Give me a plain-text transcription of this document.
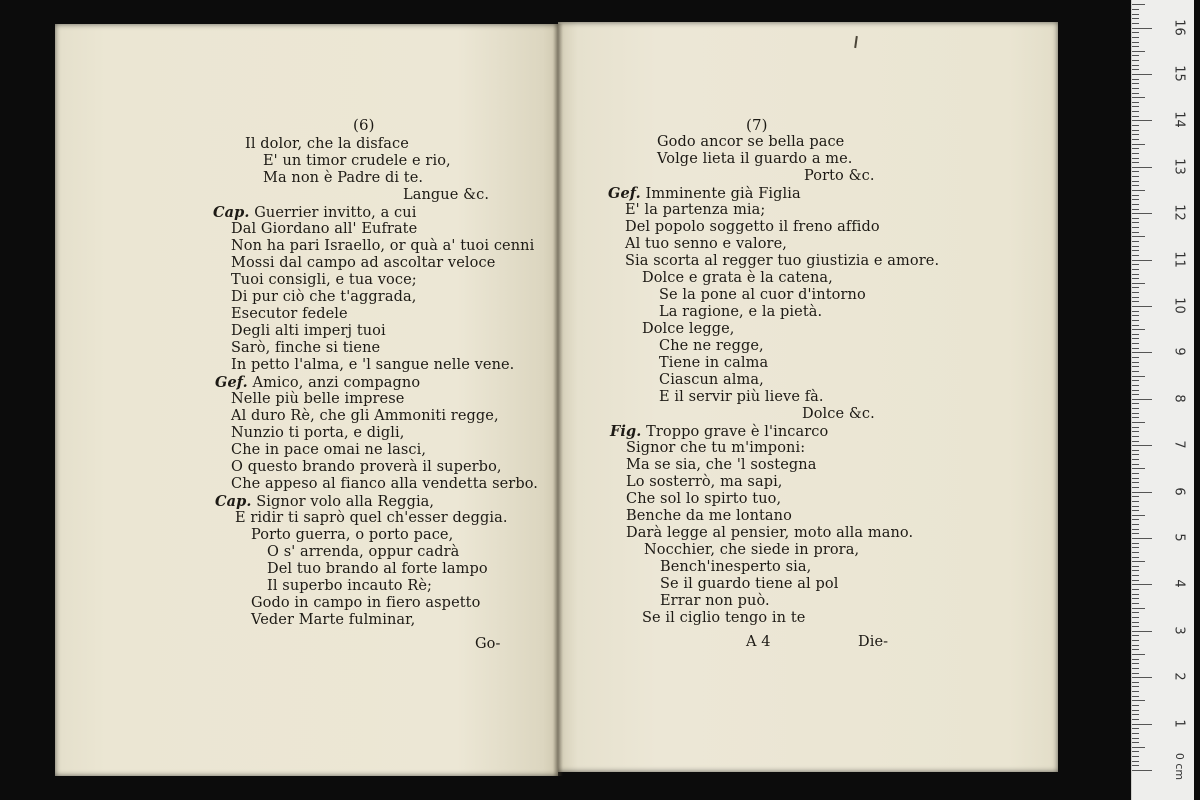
(6)
Il dolor, che la disface
E' un timor crudele e rio,
Ma non è Padre di te.
Langue &c.
Cap. Guerrier invitto, a cui
Dal Giordano all' Eufrate
Non ha pari Israello, or quà a' tuoi cenni
Mossi dal campo ad ascoltar veloce
Tuoi consigli, e tua voce;
Di pur ciò che t'aggrada,
Esecutor fedele
Degli alti imperj tuoi
Sarò, finche si tiene
In petto l'alma, e 'l sangue nelle vene.
Gef. Amico, anzi compagno
Nelle più belle imprese
Al duro Rè, che gli Ammoniti regge,
Nunzio ti porta, e digli,
Che in pace omai ne lasci,
O questo brando proverà il superbo,
Che appeso al fianco alla vendetta serbo.
Cap. Signor volo alla Reggia,
E ridir ti saprò quel ch'esser deggia.
Porto guerra, o porto pace,
O s' arrenda, oppur cadrà
Del tuo brando al forte lampo
Il superbo incauto Rè;
Godo in campo in fiero aspetto
Veder Marte fulminar,
Go-
(7)
Godo ancor se bella pace
Volge lieta il guardo a me.
Porto &c.
Gef. Imminente già Figlia
E' la partenza mia;
Del popolo soggetto il freno affido
Al tuo senno e valore,
Sia scorta al regger tuo giustizia e amore.
Dolce e grata è la catena,
Se la pone al cuor d'intorno
La ragione, e la pietà.
Dolce legge,
Che ne regge,
Tiene in calma
Ciascun alma,
E il servir più lieve fà.
Dolce &c.
Fig. Troppo grave è l'incarco
Signor che tu m'imponi:
Ma se sia, che 'l sostegna
Lo sosterrò, ma sapi,
Che sol lo spirto tuo,
Benche da me lontano
Darà legge al pensier, moto alla mano.
Nocchier, che siede in prora,
Bench'inesperto sia,
Se il guardo tiene al pol
Errar non può.
Se il ciglio tengo in te
A 4	Die-
0 cm
1
2
3
4
5
6
7
8
9
10
11
12
13
14
15
16
